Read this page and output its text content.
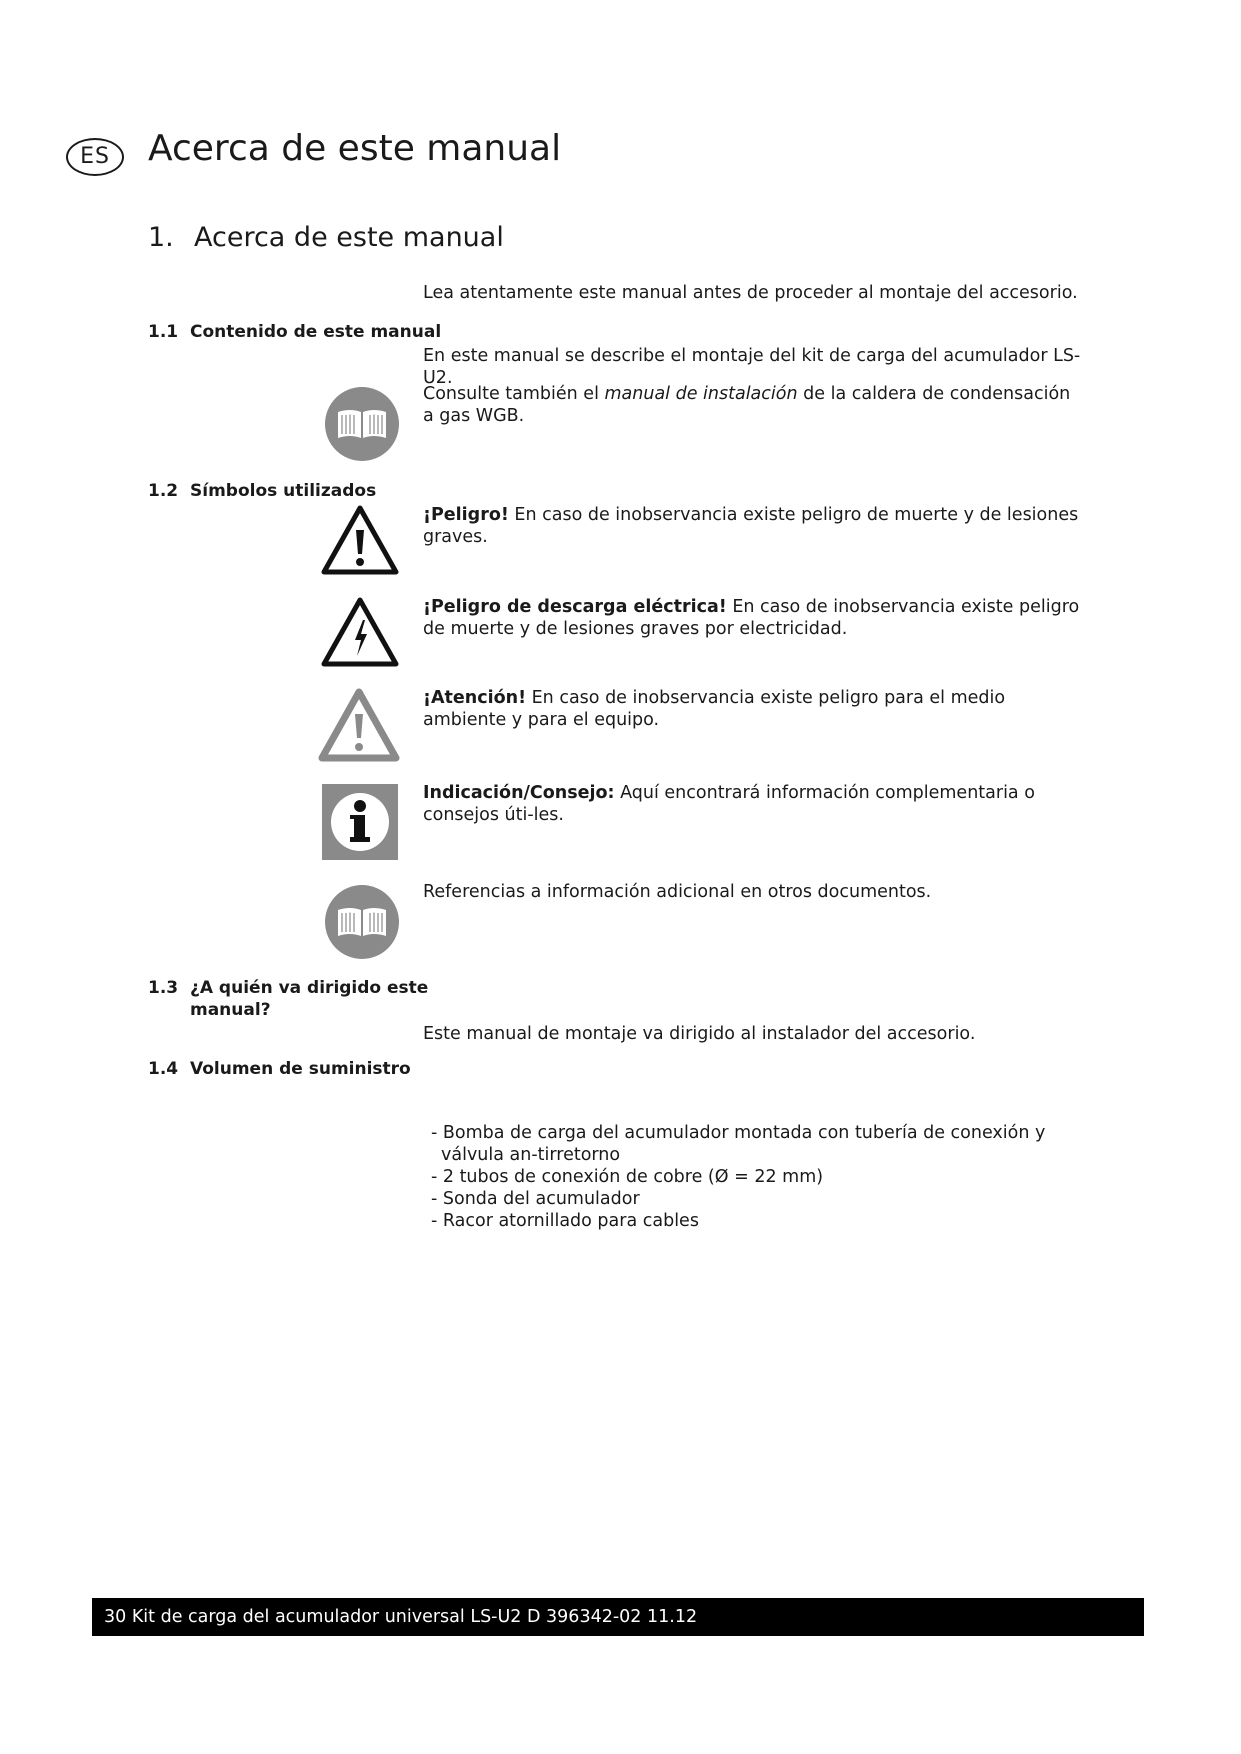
ES	Acerca de este manual
1. Acerca de este manual
Lea atentamente este manual antes de proceder al montaje del accesorio.
1.1 Contenido de este manual
En este manual se describe el montaje del kit de carga del acumulador LS-U2.
Consulte también el manual de instalación de la caldera de condensación a gas WGB.
1.2 Símbolos utilizados
¡Peligro! En caso de inobservancia existe peligro de muerte y de lesiones graves.
¡Peligro de descarga eléctrica! En caso de inobservancia existe peligro de muerte y de lesiones graves por electricidad.
¡Atención! En caso de inobservancia existe peligro para el medio ambiente y para el equipo.
Indicación/Consejo: Aquí encontrará información complementaria o consejos úti-les.
Referencias a información adicional en otros documentos.
1.3 ¿A quién va dirigido este
manual?
Este manual de montaje va dirigido al instalador del accesorio.
1.4 Volumen de suministro
- Bomba de carga del acumulador montada con tubería de conexión y válvula an-tirretorno
- 2 tubos de conexión de cobre (Ø = 22 mm)
- Sonda del acumulador
- Racor atornillado para cables
30 Kit de carga del acumulador universal LS-U2 D 396342-02 11.12
